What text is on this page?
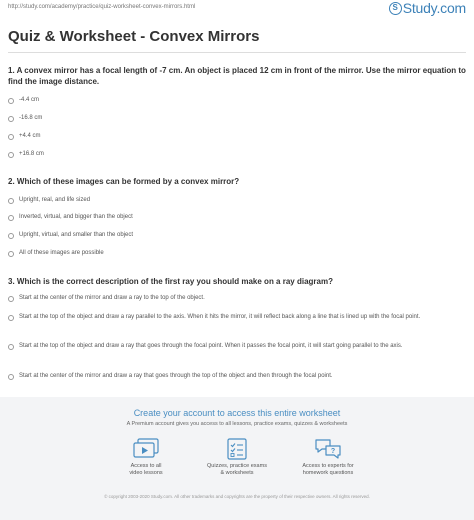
http://study.com/academy/practice/quiz-worksheet-convex-mirrors.html	S Study.com
Quiz & Worksheet - Convex Mirrors
1. A convex mirror has a focal length of -7 cm. An object is placed 12 cm in front of the mirror. Use the mirror equation to find the image distance.
-4.4 cm
-16.8 cm
+4.4 cm
+16.8 cm
2. Which of these images can be formed by a convex mirror?
Upright, real, and life sized
Inverted, virtual, and bigger than the object
Upright, virtual, and smaller than the object
All of these images are possible
3. Which is the correct description of the first ray you should make on a ray diagram?
Start at the center of the mirror and draw a ray to the top of the object.
Start at the top of the object and draw a ray parallel to the axis. When it hits the mirror, it will reflect back along a line that is lined up with the focal point.
Start at the top of the object and draw a ray that goes through the focal point. When it passes the focal point, it will start going parallel to the axis.
Start at the center of the mirror and draw a ray that goes through the top of the object and then through the focal point.
Create your account to access this entire worksheet
A Premium account gives you access to all lessons, practice exams, quizzes & worksheets
Access to all
video lessons
Quizzes, practice exams
& worksheets
?
Access to experts for
homework questions
© copyright 2003-2020 Study.com. All other trademarks and copyrights are the property of their respective owners. All rights reserved.
